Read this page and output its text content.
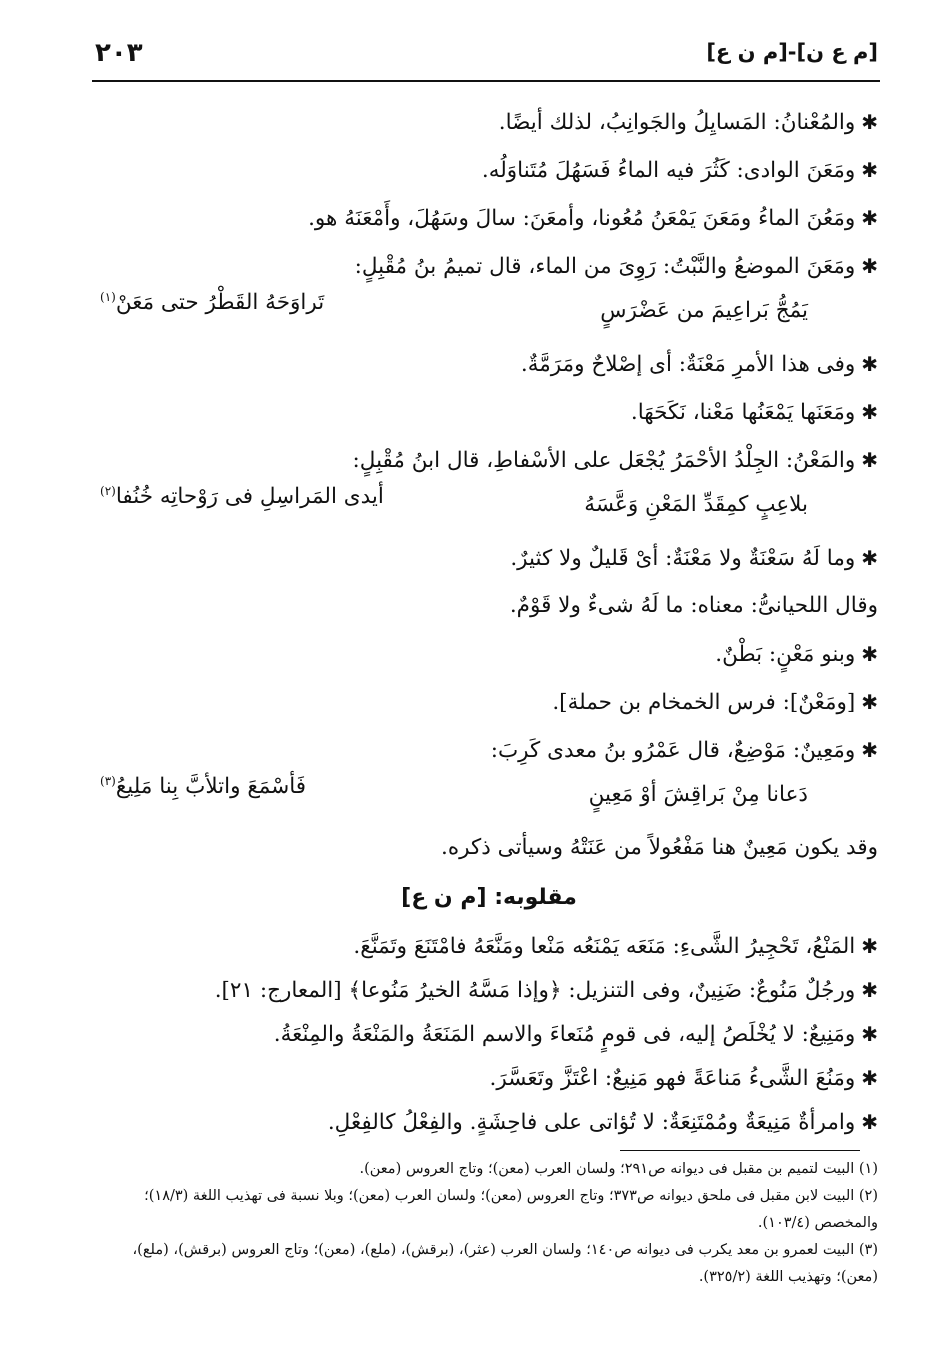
٢٠٣	[م ع ن]-[م ن ع]
✱والمُعْنانُ: المَسايِلُ والجَوانِبُ، لذلك أيضًا.
✱ومَعَنَ الوادى: كَثُرَ فيه الماءُ فَسَهُلَ مُتَناوَلُه.
✱ومَعُنَ الماءُ ومَعَنَ يَمْعَنُ مُعُونا، وأمعَنَ: سالَ وسَهُلَ، وأَمْعَنَهُ هو.
✱ومَعَنَ الموضعُ والنَّبْتُ: رَوِىَ من الماء، قال تميمُ بنُ مُقْبِلٍ:
يَمُجُّ بَراعِيمَ من عَضْرَسٍ
تَراوَحَهُ القَطْرُ حتى مَعَنْ$^{(١)}$
✱وفى هذا الأمرِ مَعْنَةٌ: أى إصْلاحٌ ومَرَمَّةٌ.
✱ومَعَنَها يَمْعَنُها مَعْنا، نَكَحَهَا.
✱والمَعْنُ: الجِلْدُ الأحْمَرُ يُجْعَل على الأسْفاطِ، قال ابنُ مُقْبِلٍ:
بلاعِبٍ كمِقَدِّ المَعْنِ وَعَّسَهُ
أيدى المَراسِلِ فى رَوْحاتِه خُنُفا$^{(٢)}$
✱وما لَهُ سَعْنَةٌ ولا مَعْنَةٌ: أىْ قَليلٌ ولا كثيرٌ.
وقال اللحيانىُّ: معناه: ما لَهُ شىءٌ ولا قَوْمٌ.
✱وبنو مَعْنٍ: بَطْنٌ.
✱[ومَعْنٌ]: فرس الخمخام بن حملة].
✱ومَعِينٌ: مَوْضِعٌ، قال عَمْرُو بنُ معدى كَرِبَ:
دَعانا مِنْ بَراقِشَ أوْ مَعِينٍ
فَأسْمَعَ واتلأبَّ بِنا مَلِيعُ$^{(٣)}$
وقد يكون مَعِينٌ هنا مَفْعُولاً من عَنَتْهُ وسيأتى ذكره.
مقلوبه: [م ن ع]
✱المَنْعُ، تَحْجِيرُ الشَّىءِ: مَنَعَه يَمْنَعُه مَنْعا ومَنَّعَهُ فامْتَنَعَ وتَمَنَّعَ.
✱ورجُلٌ مَنُوعٌ: ضَنِينٌ، وفى التنزيل: ﴿وإذا مَسَّهُ الخيرُ مَنُوعا﴾ [المعارج: ٢١].
✱ومَنِيعٌ: لا يُخْلَصُ إليه، فى قومٍ مُنَعاءَ والاسم المَنَعَةُ والمَنْعَةُ والمِنْعَةُ.
✱ومَنُعَ الشَّىءُ مَناعَةً فهو مَنِيعٌ: اعْتَزَّ وتَعَسَّرَ.
✱وامرأةٌ مَنِيعَةٌ ومُمْتَنِعَةٌ: لا تُؤاتى على فاحِشَةٍ. والفِعْلُ كالفِعْلِ.
(١) البيت لتميم بن مقبل فى ديوانه ص٢٩١؛ ولسان العرب (معن)؛ وتاج العروس (معن).
(٢) البيت لابن مقبل فى ملحق ديوانه ص٣٧٣؛ وتاج العروس (معن)؛ ولسان العرب (معن)؛ وبلا نسبة فى تهذيب اللغة (١٨/٣)؛ والمخصص (١٠٣/٤).
(٣) البيت لعمرو بن معد يكرب فى ديوانه ص١٤٠؛ ولسان العرب (عثر)، (برقش)، (ملع)، (معن)؛ وتاج العروس (برقش)، (ملع)، (معن)؛ وتهذيب اللغة (٣٢٥/٢).
